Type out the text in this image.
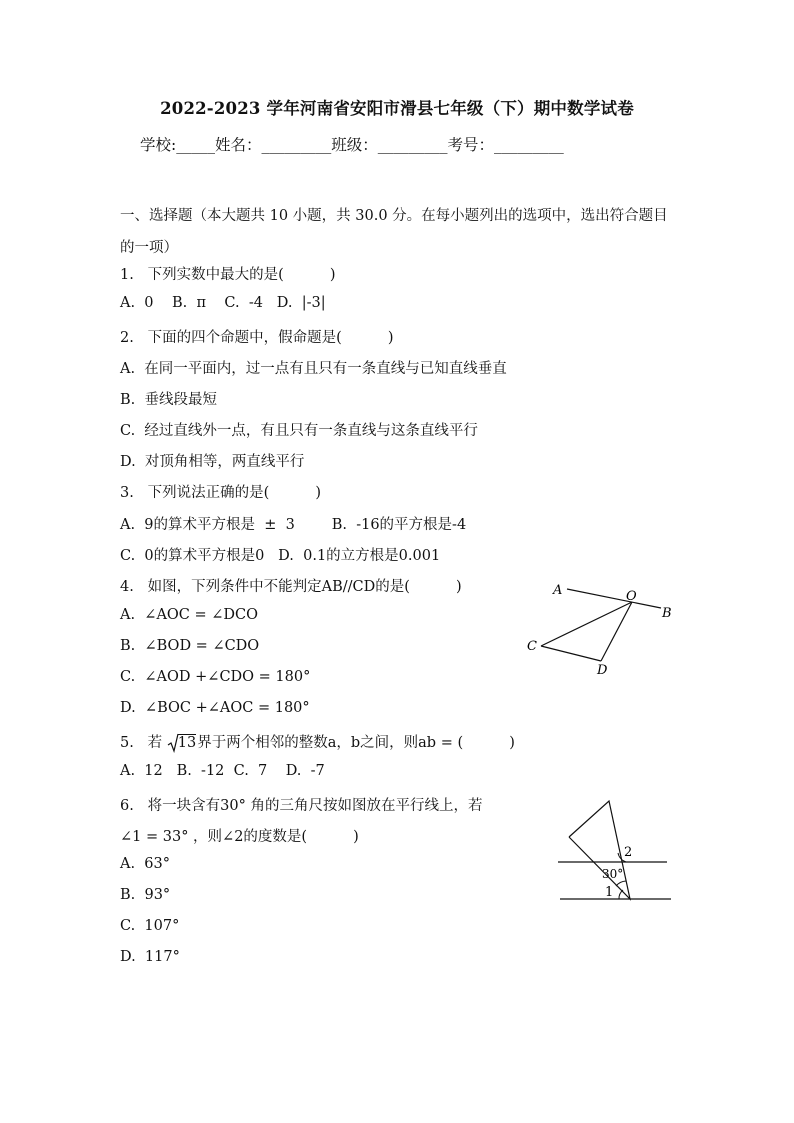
2022-2023 学年河南省安阳市滑县七年级（下）期中数学试卷
学校:_____姓名：_________班级：_________考号：_________
一、选择题（本大题共 10 小题，共 30.0 分。在每小题列出的选项中，选出符合题目的一项）
1.   下列实数中最大的是(          )
A.  0    B.  π    C.  -4   D.  |-3|
2.   下面的四个命题中，假命题是(          )
A.  在同一平面内，过一点有且只有一条直线与已知直线垂直
B.  垂线段最短
C.  经过直线外一点，有且只有一条直线与这条直线平行
D.  对顶角相等，两直线平行
3.   下列说法正确的是(          )
A.  9的算术平方根是  ±  3        B.  -16的平方根是-4
C.  0的算术平方根是0   D.  0.1的立方根是0.001
4.   如图，下列条件中不能判定AB//CD的是(          )
A.  ∠AOC = ∠DCO
B.  ∠BOD = ∠CDO
C.  ∠AOD +∠CDO = 180°
D.  ∠BOC +∠AOC = 180°
A	O
B
C
D
5.   若
13界于两个相邻的整数a，b之间，则ab = (          )
A.  12   B.  -12  C.  7    D.  -7
6.   将一块含有30° 角的三角尺按如图放在平行线上，若
∠1 = 33° ，则∠2的度数是(          )
A.  63°
B.  93°
C.  107°
D.  117°
2
30°
1
